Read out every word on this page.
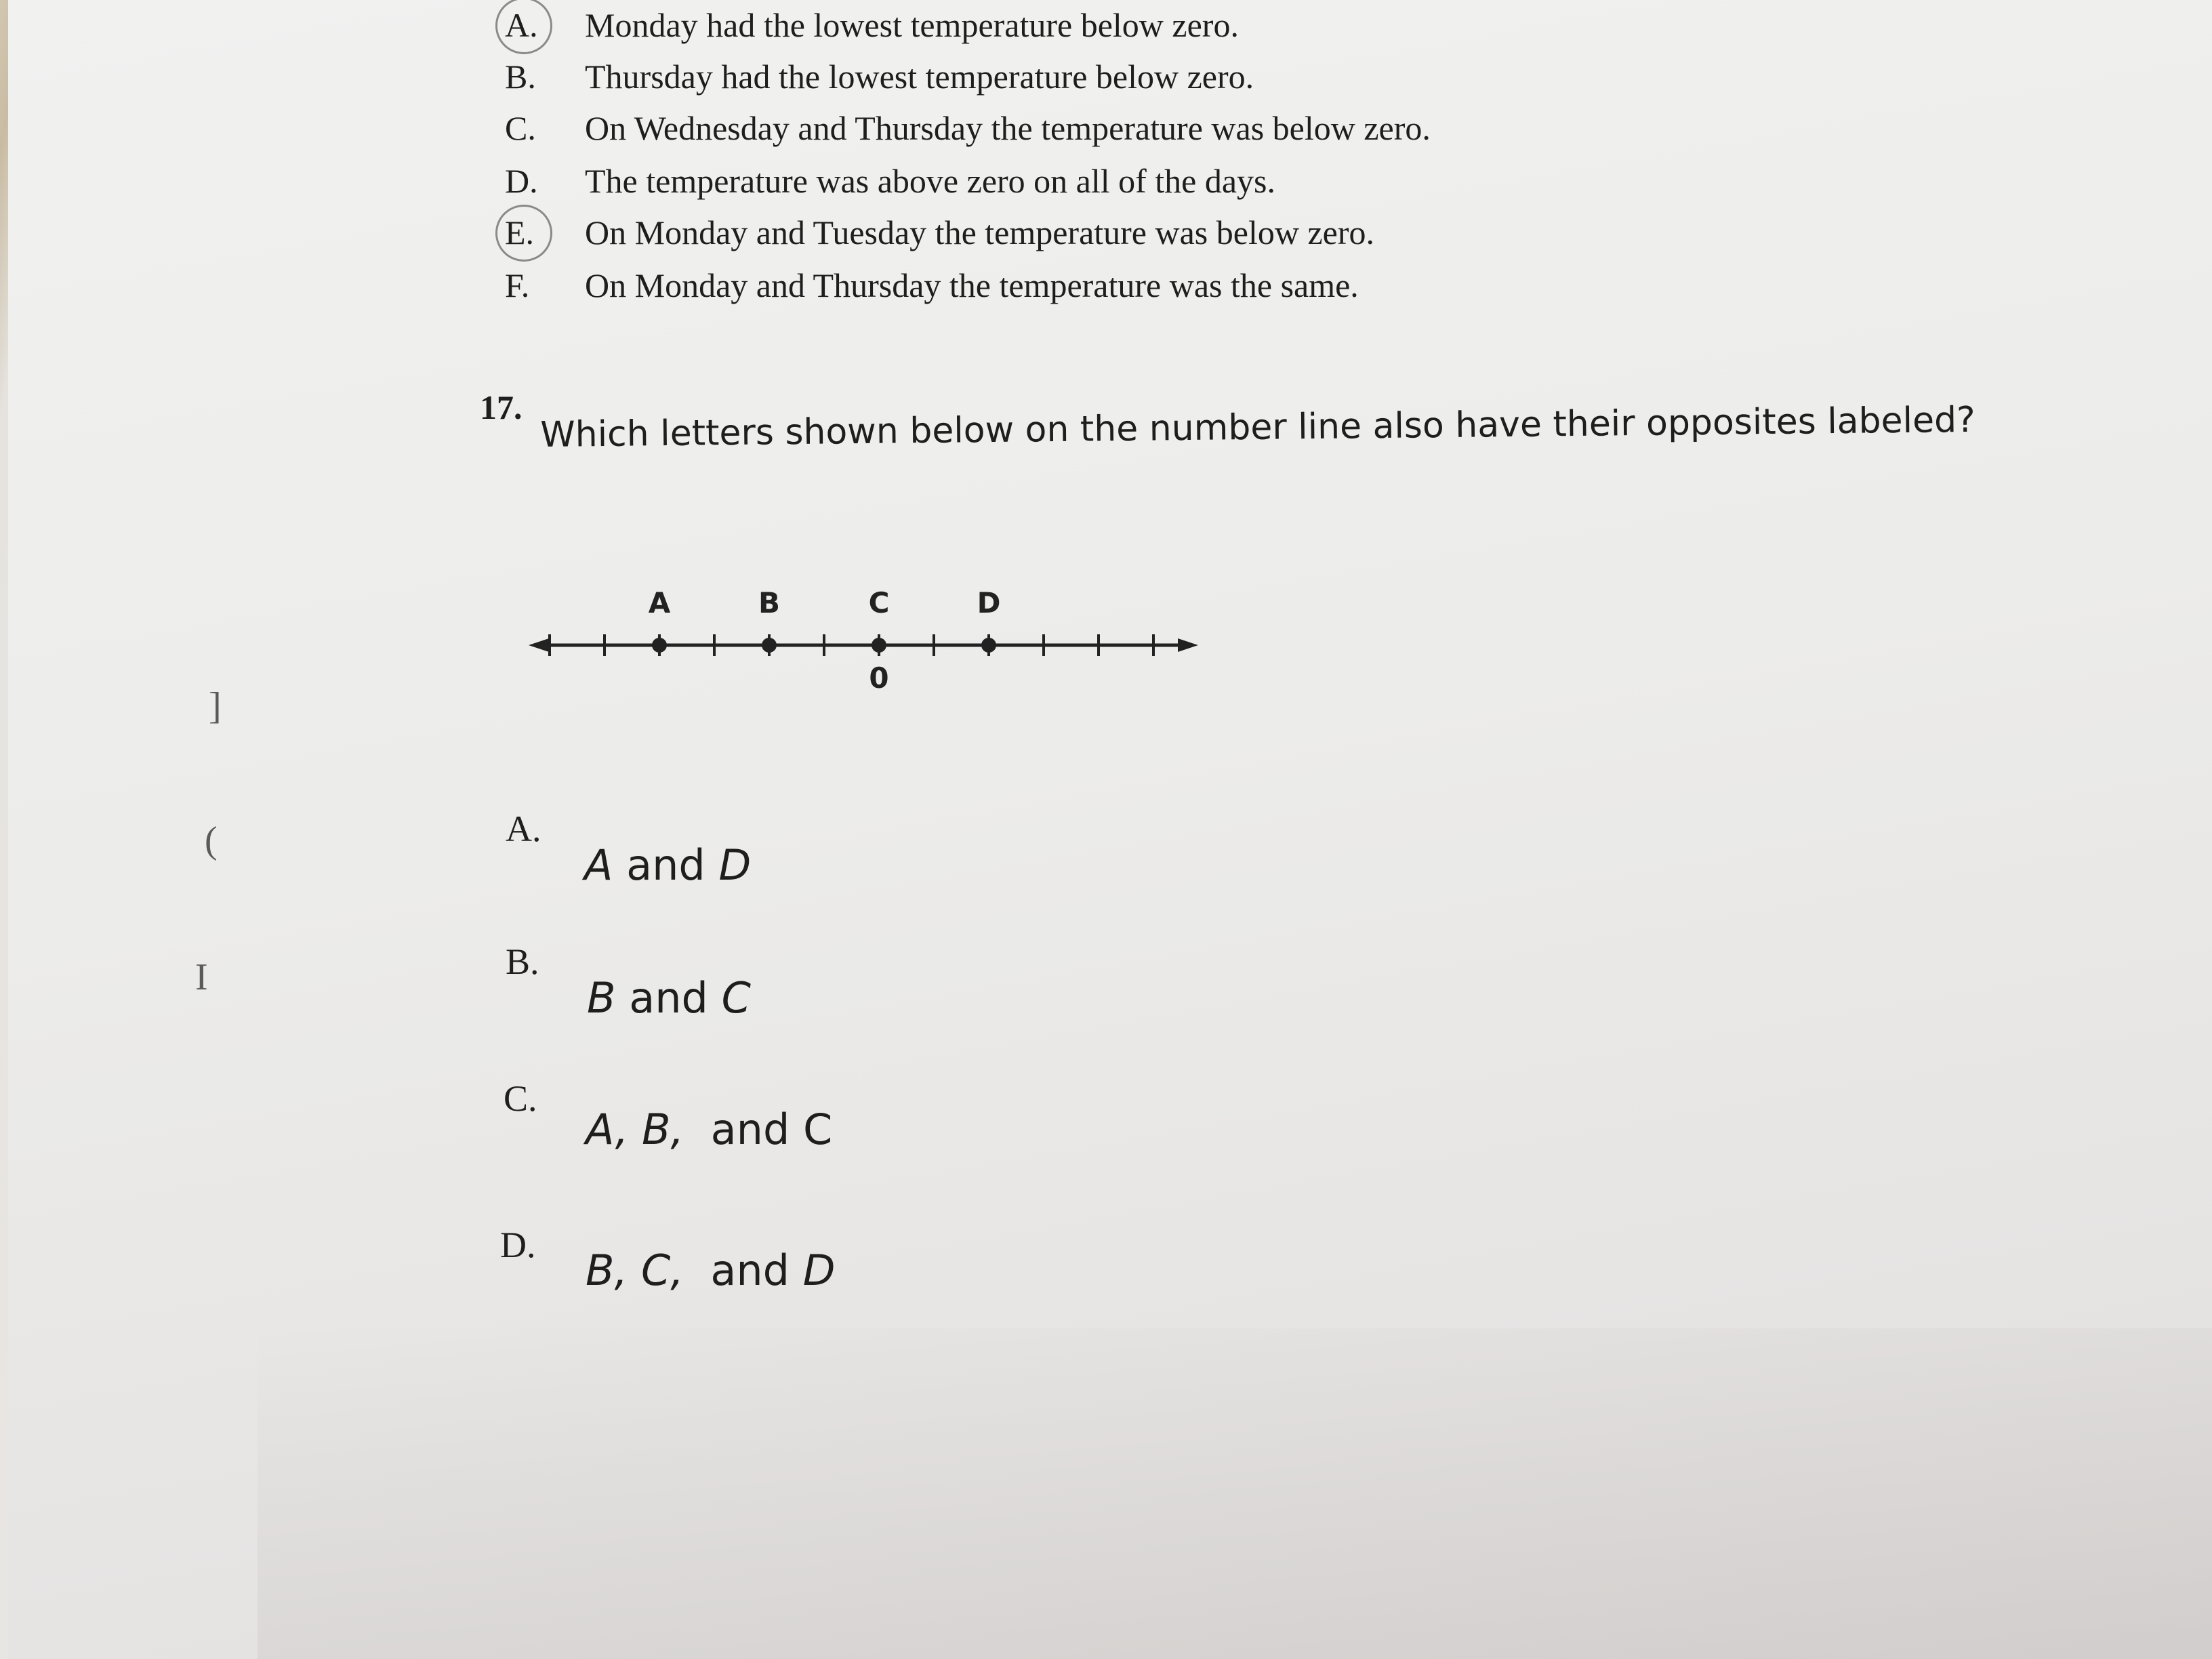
A.	Monday had the lowest temperature below zero.
B.	Thursday had the lowest temperature below zero.
C.	On Wednesday and Thursday the temperature was below zero.
D.	The temperature was above zero on all of the days.
E.	On Monday and Tuesday the temperature was below zero.
F.	On Monday and Thursday the temperature was the same.
17. Which letters shown below on the number line also have their opposites labeled?
A	B	C	D
0
A.
A and D
B.
B and C
C.
A, B,  and C
D.
B, C,  and D
]
(
I
